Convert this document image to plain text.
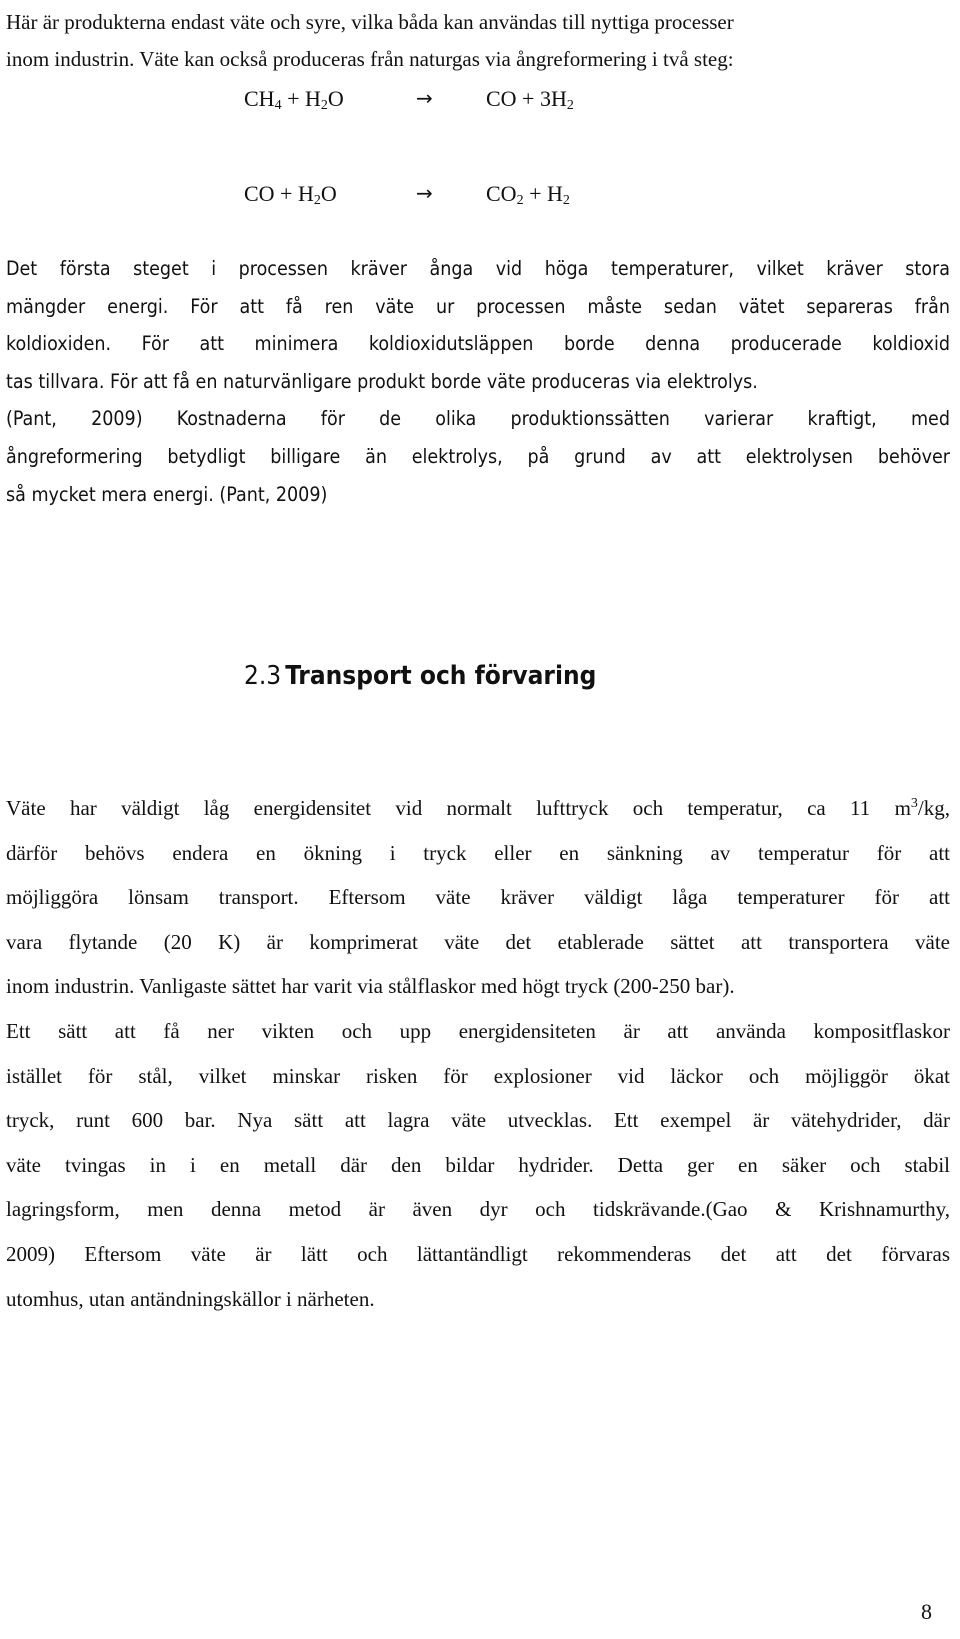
Här är produkterna endast väte och syre, vilka båda kan användas till nyttiga processer
inom industrin. Väte kan också produceras från naturgas via ångreformering i två steg:

$CH_4 + H_2O$	→ CO + $3H_2$
CO + $H_2O$	→ $CO_2 + H_2$

Det första steget i processen kräver ånga vid höga temperaturer, vilket kräver stora
mängder energi. För att få ren väte ur processen måste sedan vätet separeras från
koldioxiden. För att minimera koldioxidutsläppen borde denna producerade koldioxid
tas tillvara. För att få en naturvänligare produkt borde väte produceras via elektrolys.
(Pant, 2009) Kostnaderna för de olika produktionssätten varierar kraftigt, med
ångreformering betydligt billigare än elektrolys, på grund av att elektrolysen behöver
så mycket mera energi. (Pant, 2009)

2.3 Transport och förvaring

Väte har väldigt låg energidensitet vid normalt lufttryck och temperatur, ca 11 $m^3/kg$,
därför behövs endera en ökning i tryck eller en sänkning av temperatur för att
möjliggöra lönsam transport. Eftersom väte kräver väldigt låga temperaturer för att
vara flytande (20 K) är komprimerat väte det etablerade sättet att transportera väte
inom industrin. Vanligaste sättet har varit via stålflaskor med högt tryck (200-250 bar).
Ett sätt att få ner vikten och upp energidensiteten är att använda kompositflaskor
istället för stål, vilket minskar risken för explosioner vid läckor och möjliggör ökat
tryck, runt 600 bar. Nya sätt att lagra väte utvecklas. Ett exempel är vätehydrider, där
väte tvingas in i en metall där den bildar hydrider. Detta ger en säker och stabil
lagringsform, men denna metod är även dyr och tidskrävande.(Gao & Krishnamurthy,
2009) Eftersom väte är lätt och lättantändligt rekommenderas det att det förvaras
utomhus, utan antändningskällor i närheten.

8
